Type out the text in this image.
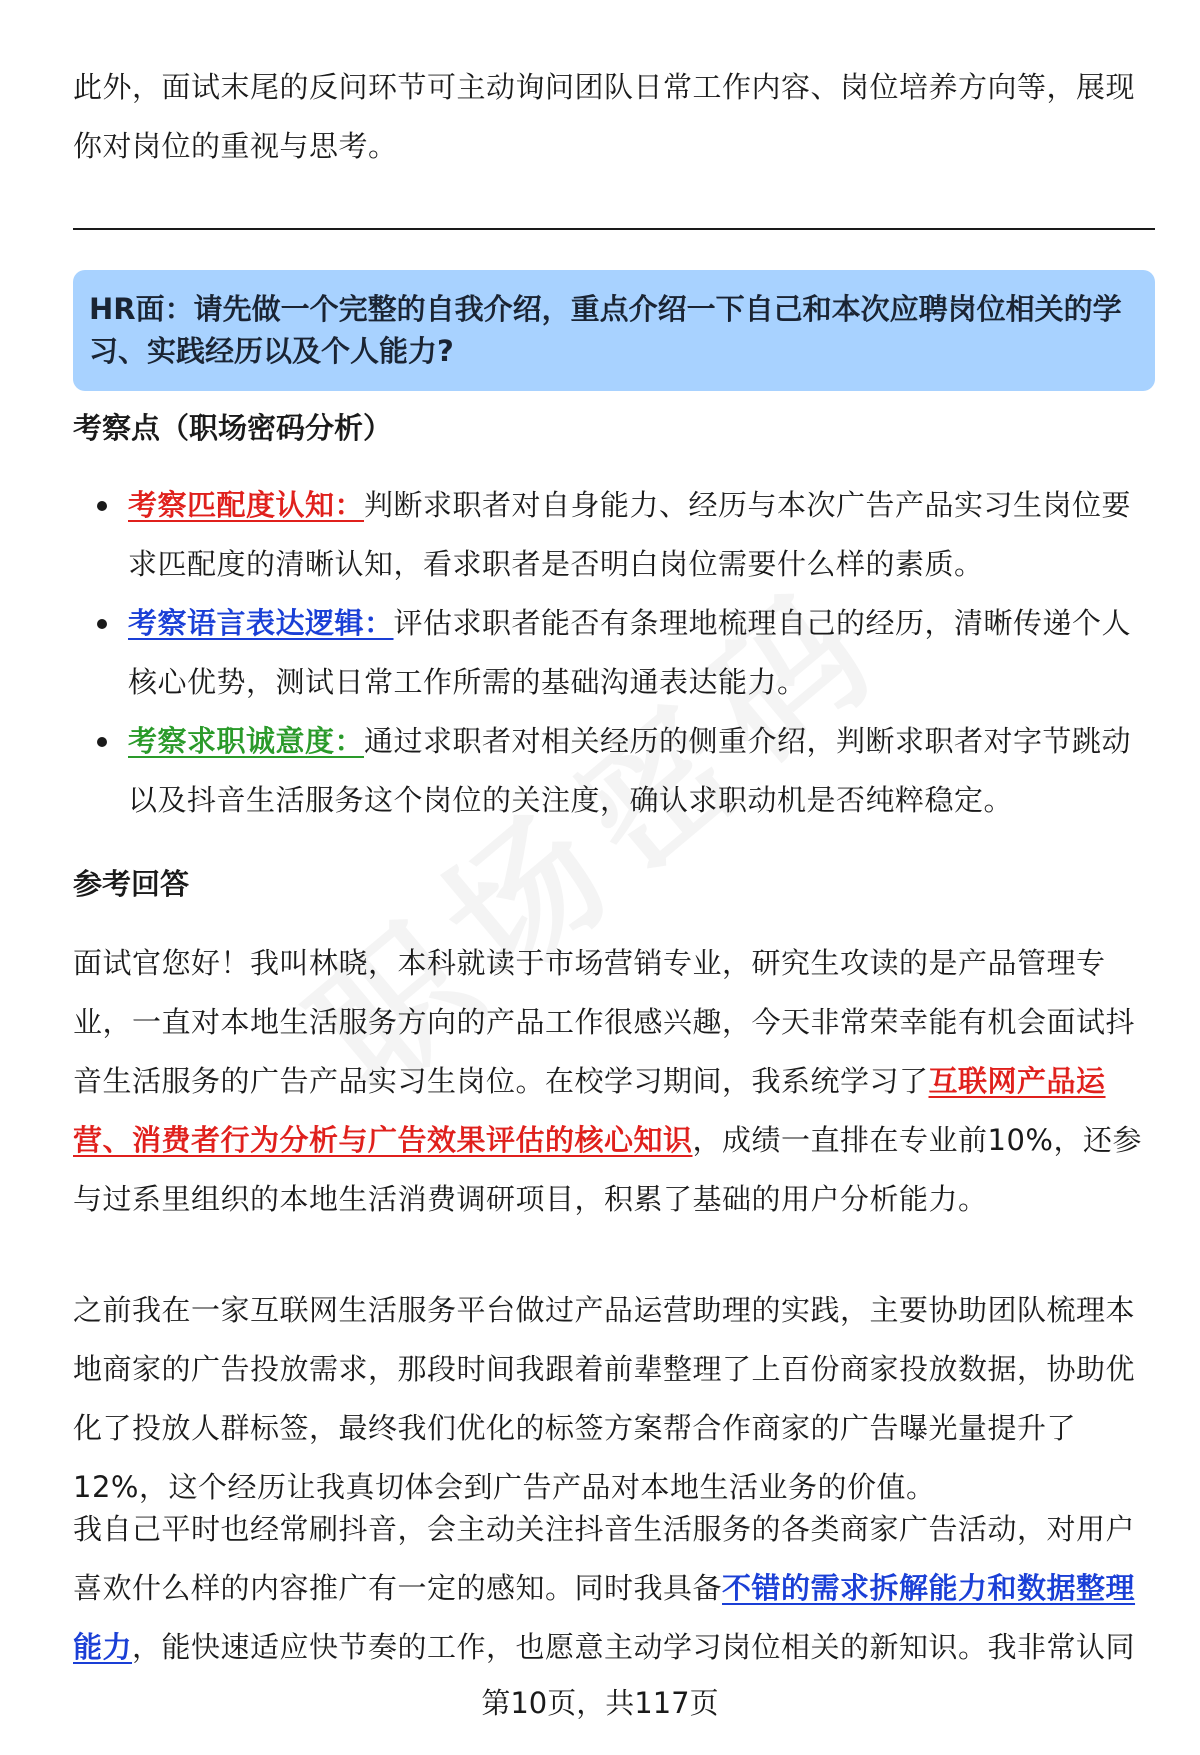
此外，面试末尾的反问环节可主动询问团队日常工作内容、岗位培养方向等，展现你对岗位的重视与思考。

HR面：请先做一个完整的自我介绍，重点介绍一下自己和本次应聘岗位相关的学习、实践经历以及个人能力?
考察点（职场密码分析）
考察匹配度认知：判断求职者对自身能力、经历与本次广告产品实习生岗位要求匹配度的清晰认知，看求职者是否明白岗位需要什么样的素质。
考察语言表达逻辑：评估求职者能否有条理地梳理自己的经历，清晰传递个人核心优势，测试日常工作所需的基础沟通表达能力。
考察求职诚意度：通过求职者对相关经历的侧重介绍，判断求职者对字节跳动以及抖音生活服务这个岗位的关注度，确认求职动机是否纯粹稳定。
参考回答

面试官您好！我叫林晓，本科就读于市场营销专业，研究生攻读的是产品管理专业，一直对本地生活服务方向的产品工作很感兴趣，今天非常荣幸能有机会面试抖音生活服务的广告产品实习生岗位。在校学习期间，我系统学习了互联网产品运营、消费者行为分析与广告效果评估的核心知识，成绩一直排在专业前10%，还参与过系里组织的本地生活消费调研项目，积累了基础的用户分析能力。

之前我在一家互联网生活服务平台做过产品运营助理的实践，主要协助团队梳理本地商家的广告投放需求，那段时间我跟着前辈整理了上百份商家投放数据，协助优化了投放人群标签，最终我们优化的标签方案帮合作商家的广告曝光量提升了12%，这个经历让我真切体会到广告产品对本地生活业务的价值。

我自己平时也经常刷抖音，会主动关注抖音生活服务的各类商家广告活动，对用户喜欢什么样的内容推广有一定的感知。同时我具备不错的需求拆解能力和数据整理能力，能快速适应快节奏的工作，也愿意主动学习岗位相关的新知识。我非常认同

第10页，共117页
